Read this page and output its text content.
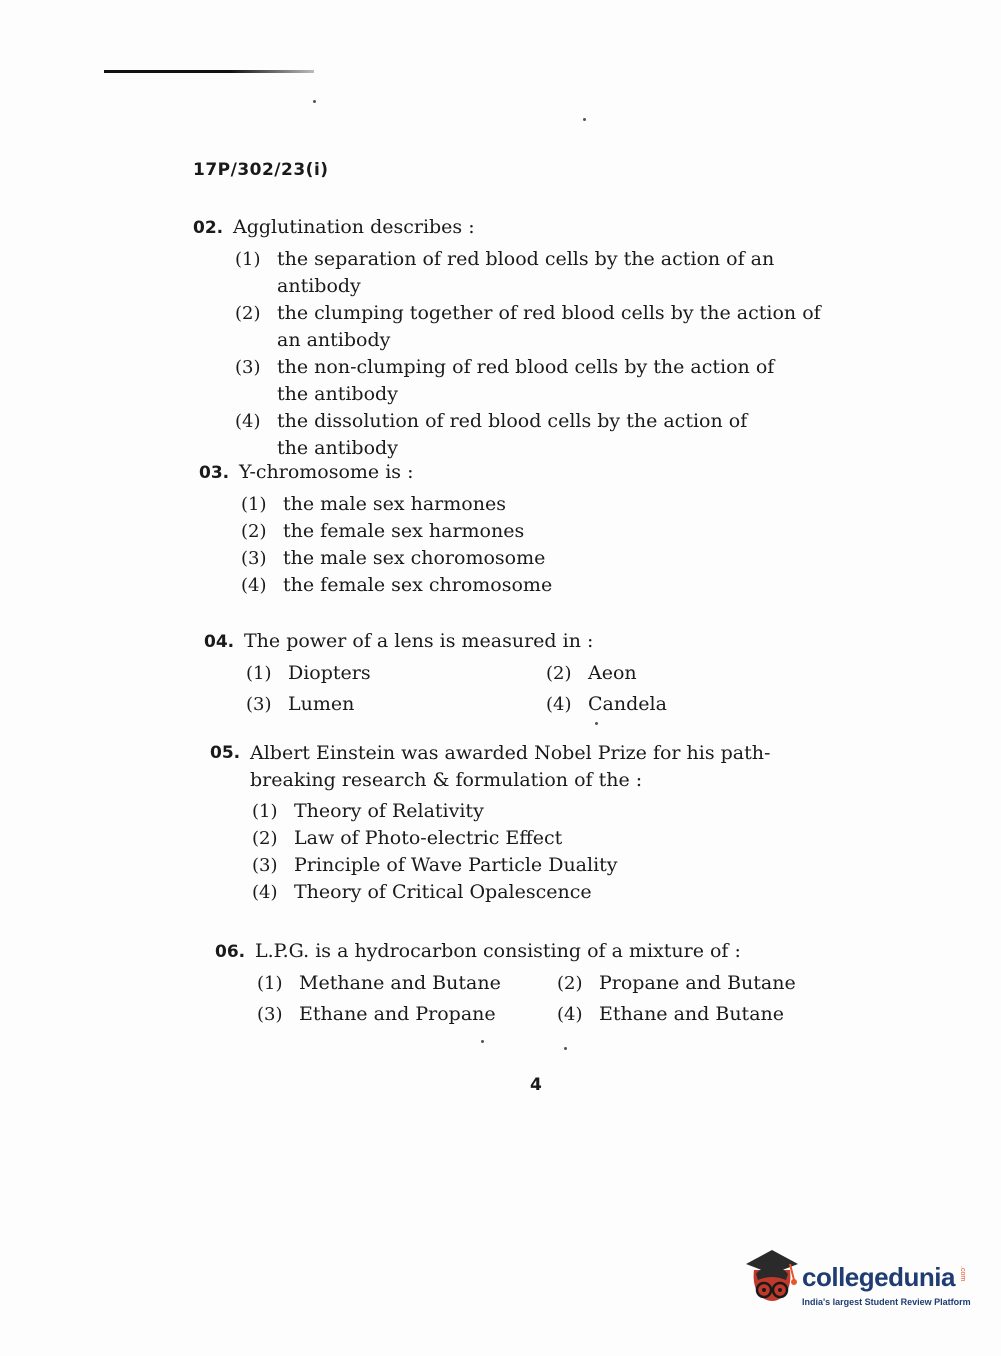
17P/302/23(i)
02. Agglutination describes :
(1) the separation of red blood cells by the action of an antibody
(2) the clumping together of red blood cells by the action of an antibody
(3) the non-clumping of red blood cells by the action of the antibody
(4) the dissolution of red blood cells by the action of the antibody
03. Y-chromosome is :
(1) the male sex harmones
(2) the female sex harmones
(3) the male sex choromosome
(4) the female sex chromosome
04. The power of a lens is measured in :
(1) Diopters	(2) Aeon
(3) Lumen	(4) Candela
05. Albert Einstein was awarded Nobel Prize for his path-breaking research & formulation of the :
(1) Theory of Relativity
(2) Law of Photo-electric Effect
(3) Principle of Wave Particle Duality
(4) Theory of Critical Opalescence
06. L.P.G. is a hydrocarbon consisting of a mixture of :
(1) Methane and Butane	(2) Propane and Butane
(3) Ethane and Propane	(4) Ethane and Butane
4
collegedunia .com
India's largest Student Review Platform
